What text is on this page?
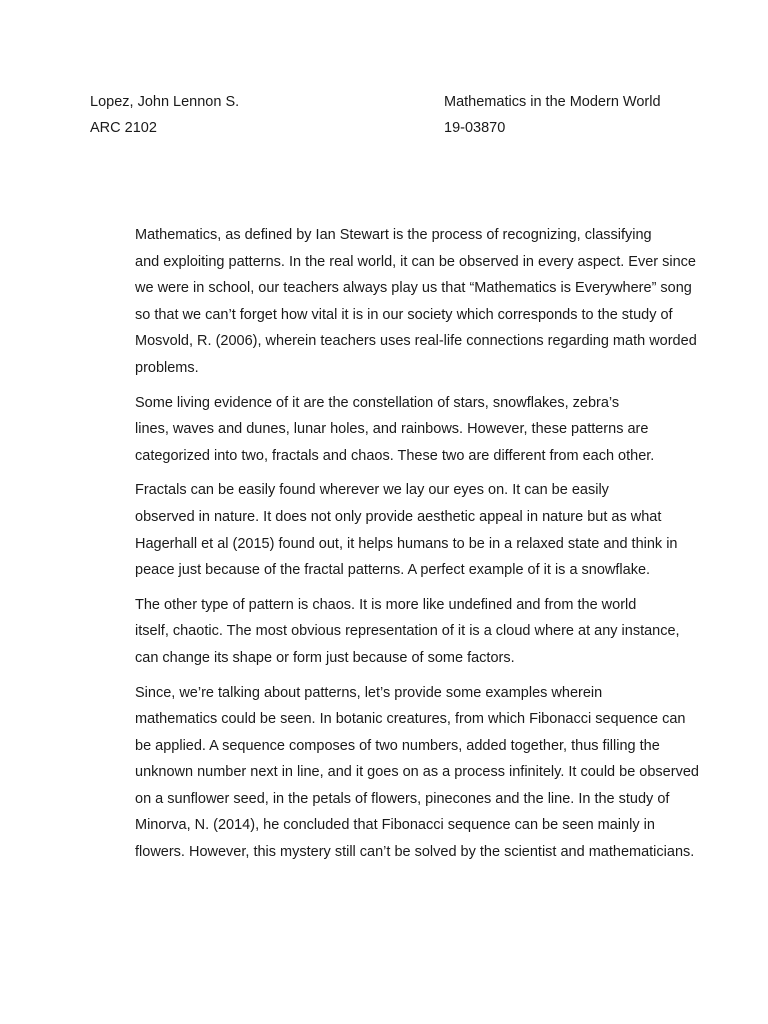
Lopez, John Lennon S.	Mathematics in the Modern World
ARC 2102	19-03870

Mathematics, as defined by Ian Stewart is the process of recognizing, classifying
and exploiting patterns. In the real world, it can be observed in every aspect. Ever since
we were in school, our teachers always play us that “Mathematics is Everywhere” song
so that we can’t forget how vital it is in our society which corresponds to the study of
Mosvold, R. (2006), wherein teachers uses real-life connections regarding math worded
problems.

Some living evidence of it are the constellation of stars, snowflakes, zebra’s
lines, waves and dunes, lunar holes, and rainbows. However, these patterns are
categorized into two, fractals and chaos. These two are different from each other.

Fractals can be easily found wherever we lay our eyes on. It can be easily
observed in nature. It does not only provide aesthetic appeal in nature but as what
Hagerhall et al (2015) found out, it helps humans to be in a relaxed state and think in
peace just because of the fractal patterns. A perfect example of it is a snowflake.

The other type of pattern is chaos. It is more like undefined and from the world
itself, chaotic. The most obvious representation of it is a cloud where at any instance,
can change its shape or form just because of some factors.

Since, we’re talking about patterns, let’s provide some examples wherein
mathematics could be seen. In botanic creatures, from which Fibonacci sequence can
be applied. A sequence composes of two numbers, added together, thus filling the
unknown number next in line, and it goes on as a process infinitely. It could be observed
on a sunflower seed, in the petals of flowers, pinecones and the line. In the study of
Minorva, N. (2014), he concluded that Fibonacci sequence can be seen mainly in
flowers. However, this mystery still can’t be solved by the scientist and mathematicians.
